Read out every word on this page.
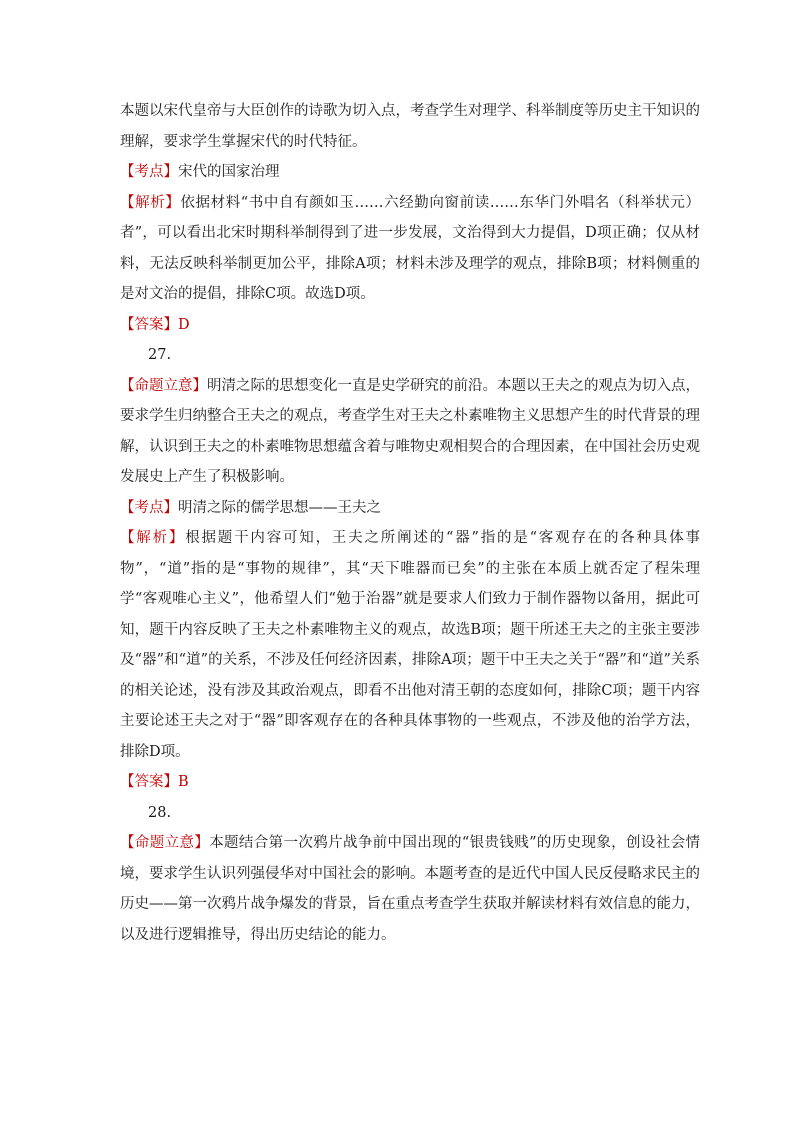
本题以宋代皇帝与大臣创作的诗歌为切入点，考查学生对理学、科举制度等历史主干知识的理解，要求学生掌握宋代的时代特征。

【考点】宋代的国家治理

【解析】依据材料“书中自有颜如玉……六经勤向窗前读……东华门外唱名（科举状元）者”，可以看出北宋时期科举制得到了进一步发展，文治得到大力提倡，D项正确；仅从材料，无法反映科举制更加公平，排除A项；材料未涉及理学的观点，排除B项；材料侧重的是对文治的提倡，排除C项。故选D项。

【答案】D

27.

【命题立意】明清之际的思想变化一直是史学研究的前沿。本题以王夫之的观点为切入点，要求学生归纳整合王夫之的观点，考查学生对王夫之朴素唯物主义思想产生的时代背景的理解，认识到王夫之的朴素唯物思想蕴含着与唯物史观相契合的合理因素，在中国社会历史观发展史上产生了积极影响。

【考点】明清之际的儒学思想——王夫之

【解析】根据题干内容可知，王夫之所阐述的“器”指的是“客观存在的各种具体事物”，“道”指的是“事物的规律”，其“天下唯器而已矣”的主张在本质上就否定了程朱理学“客观唯心主义”，他希望人们“勉于治器”就是要求人们致力于制作器物以备用，据此可知，题干内容反映了王夫之朴素唯物主义的观点，故选B项；题干所述王夫之的主张主要涉及“器”和“道”的关系，不涉及任何经济因素，排除A项；题干中王夫之关于“器”和“道”关系的相关论述，没有涉及其政治观点，即看不出他对清王朝的态度如何，排除C项；题干内容主要论述王夫之对于“器”即客观存在的各种具体事物的一些观点，不涉及他的治学方法，排除D项。

【答案】B

28.

【命题立意】本题结合第一次鸦片战争前中国出现的“银贵钱贱”的历史现象，创设社会情境，要求学生认识列强侵华对中国社会的影响。本题考查的是近代中国人民反侵略求民主的历史——第一次鸦片战争爆发的背景，旨在重点考查学生获取并解读材料有效信息的能力，以及进行逻辑推导，得出历史结论的能力。
